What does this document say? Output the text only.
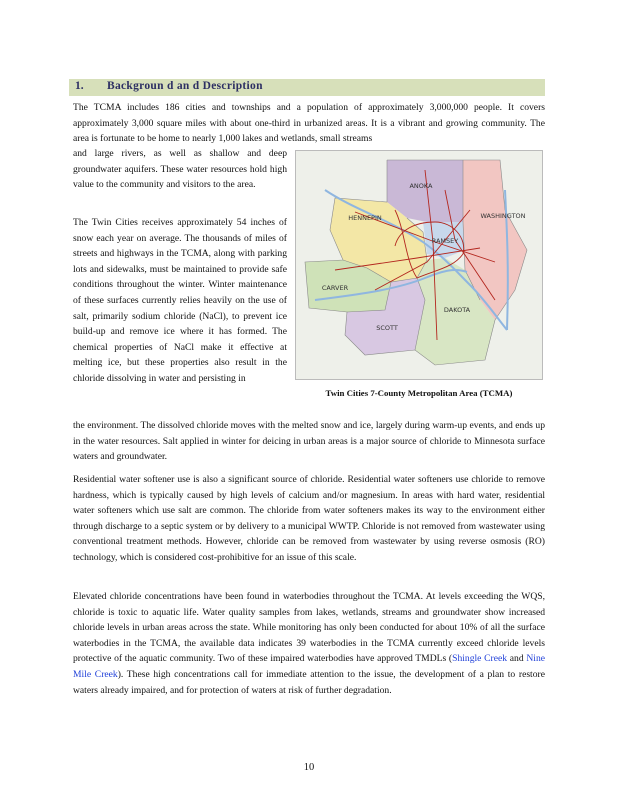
1. Backgroun d an d Description

The TCMA includes 186 cities and townships and a population of approximately 3,000,000 people. It covers approximately 3,000 square miles with about one-third in urbanized areas. It is a vibrant and growing community. The area is fortunate to be home to nearly 1,000 lakes and wetlands, small streams

and large rivers, as well as shallow and deep groundwater aquifers. These water resources hold high value to the community and visitors to the area.

The Twin Cities receives approximately 54 inches of snow each year on average. The thousands of miles of streets and highways in the TCMA, along with parking lots and sidewalks, must be maintained to provide safe conditions throughout the winter. Winter maintenance of these surfaces currently relies heavily on the use of salt, primarily sodium chloride (NaCl), to prevent ice build-up and remove ice where it has formed. The chemical properties of NaCl make it effective at melting ice, but these properties also result in the chloride dissolving in water and persisting in

the environment. The dissolved chloride moves with the melted snow and ice, largely during warm-up events, and ends up in the water resources. Salt applied in winter for deicing in urban areas is a major source of chloride to Minnesota surface waters and groundwater.

Residential water softener use is also a significant source of chloride. Residential water softeners use chloride to remove hardness, which is typically caused by high levels of calcium and/or magnesium. In areas with hard water, residential water softeners which use salt are common. The chloride from water softeners makes its way to the environment either through discharge to a septic system or by delivery to a municipal WWTP. Chloride is not removed from wastewater using conventional treatment methods. However, chloride can be removed from wastewater by using reverse osmosis (RO) technology, which is considered cost-prohibitive for an issue of this scale.

Elevated chloride concentrations have been found in waterbodies throughout the TCMA. At levels exceeding the WQS, chloride is toxic to aquatic life. Water quality samples from lakes, wetlands, streams and groundwater show increased chloride levels in urban areas across the state. While monitoring has only been conducted for about 10% of all the surface waterbodies in the TCMA, the available data indicates 39 waterbodies in the TCMA currently exceed chloride levels protective of the aquatic community. Two of these impaired waterbodies have approved TMDLs (Shingle Creek and Nine Mile Creek). These high concentrations call for immediate attention to the issue, the development of a plan to restore waters already impaired, and for protection of waters at risk of further degradation.

ANOKA
WASHINGTON
HENNEPIN
RAMSEY
CARVER
SCOTT
DAKOTA

Twin Cities 7-County Metropolitan Area (TCMA)

10
